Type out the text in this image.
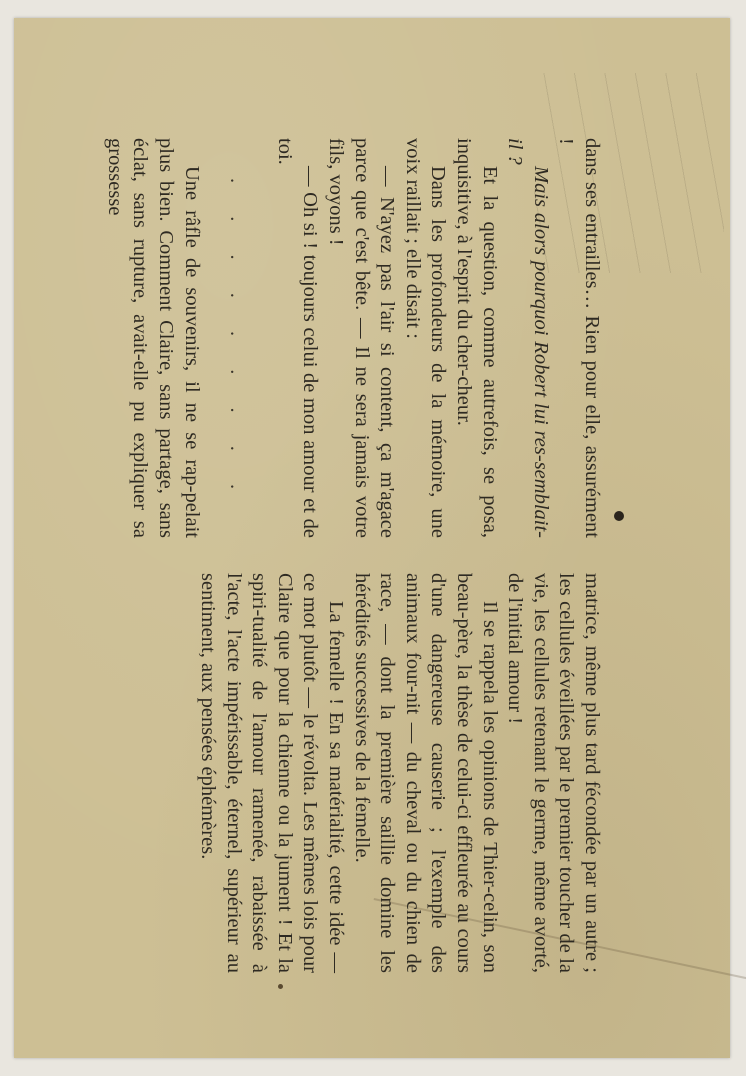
dans ses entrailles… Rien pour elle, assurément !

Mais alors pourquoi Robert lui res-semblait-il ?

Et la question, comme autrefois, se posa, inquisitive, à l'esprit du cher-cheur.

Dans les profondeurs de la mémoire, une voix raillait ; elle disait :

— N'ayez pas l'air si content, ça m'agace parce que c'est bête. — Il ne sera jamais votre fils, voyons !

— Oh si ! toujours celui de mon amour et de toi.

. . . . . . . . .

Une râfle de souvenirs, il ne se rap-pelait plus bien. Comment Claire, sans partage, sans éclat, sans rupture, avait-elle pu expliquer sa grossesse

matrice, même plus tard fécondée par un autre ; les cellules éveillées par le premier toucher de la vie, les cellules retenant le germe, même avorté, de l'initial amour !

Il se rappela les opinions de Thier-celin, son beau-père, la thèse de celui-ci effleurée au cours d'une dangereuse causerie ; l'exemple des animaux four-nit — du cheval ou du chien de race, — dont la première saillie domine les hérédités successives de la femelle.

La femelle ! En sa matérialité, cette idée — ce mot plutôt — le révolta. Les mêmes lois pour Claire que pour la chienne ou la jument ! Et la spiri-tualité de l'amour ramenée, rabaissée à l'acte, l'acte impérissable, éternel, supérieur au sentiment, aux pensées éphémères.
